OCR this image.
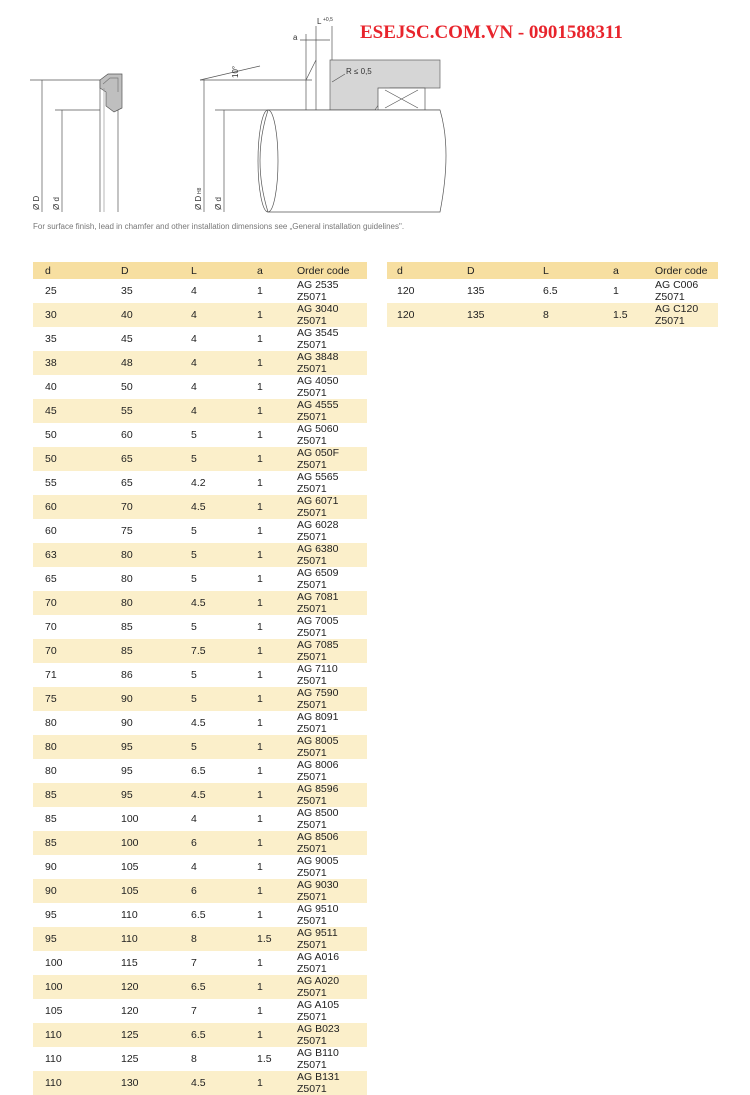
L +0,5
a
R ≤ 0,5
10°
Ø D Ø d	Ø D
H8
Ø d
ESEJSC.COM.VN - 0901588311
For surface finish, lead in chamfer and other installation dimensions see „General installation guidelines".
d	D	L	a	Order code
25	35	4	1	AG 2535 Z5071
30	40	4	1	AG 3040 Z5071
35	45	4	1	AG 3545 Z5071
38	48	4	1	AG 3848 Z5071
40	50	4	1	AG 4050 Z5071
45	55	4	1	AG 4555 Z5071
50	60	5	1	AG 5060 Z5071
50	65	5	1	AG 050F Z5071
55	65	4.2	1	AG 5565 Z5071
60	70	4.5	1	AG 6071 Z5071
60	75	5	1	AG 6028 Z5071
63	80	5	1	AG 6380 Z5071
65	80	5	1	AG 6509 Z5071
70	80	4.5	1	AG 7081 Z5071
70	85	5	1	AG 7005 Z5071
70	85	7.5	1	AG 7085 Z5071
71	86	5	1	AG 7110 Z5071
75	90	5	1	AG 7590 Z5071
80	90	4.5	1	AG 8091 Z5071
80	95	5	1	AG 8005 Z5071
80	95	6.5	1	AG 8006 Z5071
85	95	4.5	1	AG 8596 Z5071
85	100	4	1	AG 8500 Z5071
85	100	6	1	AG 8506 Z5071
90	105	4	1	AG 9005 Z5071
90	105	6	1	AG 9030 Z5071
95	110	6.5	1	AG 9510 Z5071
95	110	8	1.5	AG 9511 Z5071
100	115	7	1	AG A016 Z5071
100	120	6.5	1	AG A020 Z5071
105	120	7	1	AG A105 Z5071
110	125	6.5	1	AG B023 Z5071
110	125	8	1.5	AG B110 Z5071
110	130	4.5	1	AG B131 Z5071
d	D	L	a	Order code
120	135	6.5	1	AG C006 Z5071
120	135	8	1.5	AG C120 Z5071
